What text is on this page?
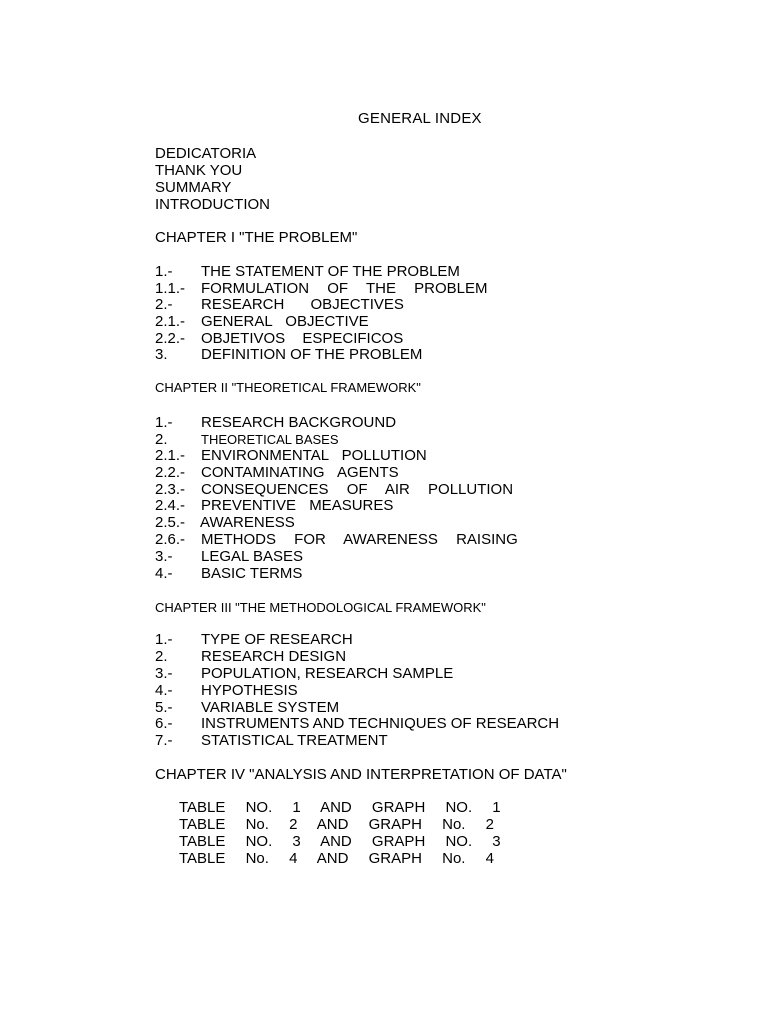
GENERAL INDEX
DEDICATORIA
THANK YOU
SUMMARY
INTRODUCTION
CHAPTER I "THE PROBLEM"
1.- THE STATEMENT OF THE PROBLEM
1.1.- FORMULATION OF THE PROBLEM
2.- RESEARCH OBJECTIVES
2.1.- GENERAL OBJECTIVE
2.2.- OBJETIVOS ESPECIFICOS
3. DEFINITION OF THE PROBLEM
CHAPTER II "THEORETICAL FRAMEWORK"
1.- RESEARCH BACKGROUND
2.	THEORETICAL BASES
2.1.- ENVIRONMENTAL POLLUTION
2.2.- CONTAMINATING AGENTS
2.3.- CONSEQUENCES OF AIR POLLUTION
2.4.- PREVENTIVE MEASURES
2.5.- AWARENESS
2.6.- METHODS FOR AWARENESS RAISING
3.- LEGAL BASES
4.- BASIC TERMS
CHAPTER III "THE METHODOLOGICAL FRAMEWORK"
1.- TYPE OF RESEARCH
2. RESEARCH DESIGN
3.- POPULATION, RESEARCH SAMPLE
4.- HYPOTHESIS
5.- VARIABLE SYSTEM
6.- INSTRUMENTS AND TECHNIQUES OF RESEARCH
7.- STATISTICAL TREATMENT
CHAPTER IV "ANALYSIS AND INTERPRETATION OF DATA"
TABLE NO. 1 AND GRAPH NO. 1
TABLE No. 2 AND GRAPH No. 2
TABLE NO. 3 AND GRAPH NO. 3
TABLE No. 4 AND GRAPH No. 4
